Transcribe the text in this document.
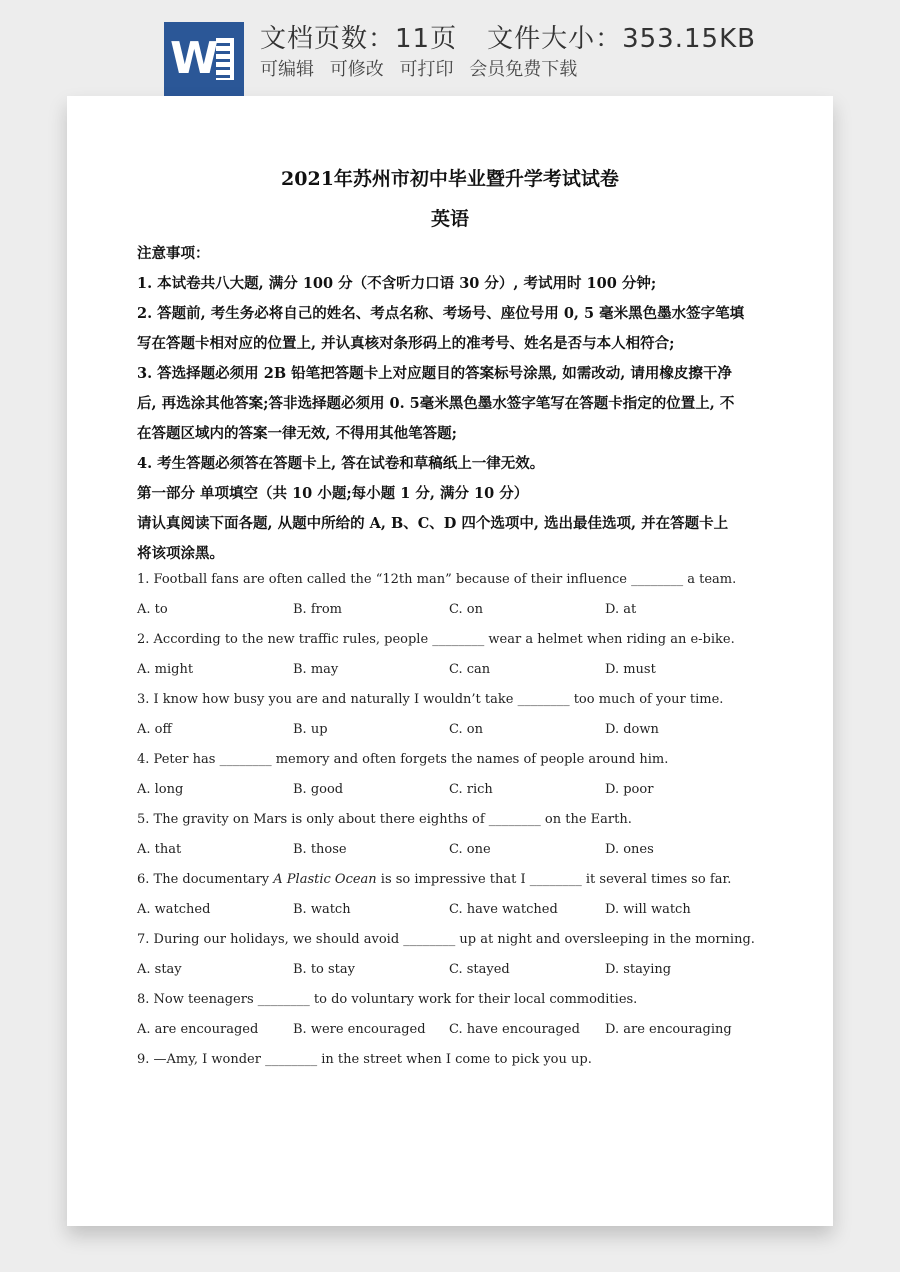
W 文档页数：11页 文件大小：353.15KB
可编辑 可修改 可打印 会员免费下载
2021年苏州市初中毕业暨升学考试试卷
英语
注意事项：
1. 本试卷共八大题, 满分 100 分（不含听力口语 30 分）, 考试用时 100 分钟;
2. 答题前, 考生务必将自己的姓名、考点名称、考场号、座位号用 0, 5 毫米黑色墨水签字笔填
写在答题卡相对应的位置上, 并认真核对条形码上的准考号、姓名是否与本人相符合;
3. 答选择题必须用 2B 铅笔把答题卡上对应题目的答案标号涂黑, 如需改动, 请用橡皮擦干净
后, 再选涂其他答案;答非选择题必须用 0. 5毫米黑色墨水签字笔写在答题卡指定的位置上, 不
在答题区域内的答案一律无效, 不得用其他笔答题;
4. 考生答题必须答在答题卡上, 答在试卷和草稿纸上一律无效。
第一部分 单项填空（共 10 小题;每小题 1 分, 满分 10 分）
请认真阅读下面各题, 从题中所给的 A, B、C、D 四个选项中, 选出最佳选项, 并在答题卡上
将该项涂黑。
1. Football fans are often called the “12th man” because of their influence ________ a team.
A. to	B. from	C. on	D. at
2. According to the new traffic rules, people ________ wear a helmet when riding an e-bike.
A. might	B. may	C. can	D. must
3. I know how busy you are and naturally I wouldn’t take ________ too much of your time.
A. off	B. up	C. on	D. down
4. Peter has ________ memory and often forgets the names of people around him.
A. long	B. good	C. rich	D. poor
5. The gravity on Mars is only about there eighths of ________ on the Earth.
A. that	B. those	C. one	D. ones
6. The documentary A Plastic Ocean is so impressive that I ________ it several times so far.
A. watched	B. watch	C. have watched	D. will watch
7. During our holidays, we should avoid ________ up at night and oversleeping in the morning.
A. stay	B. to stay	C. stayed	D. staying
8. Now teenagers ________ to do voluntary work for their local commodities.
A. are encouraged	B. were encouraged C. have encouraged D. are encouraging
9. —Amy, I wonder ________ in the street when I come to pick you up.
